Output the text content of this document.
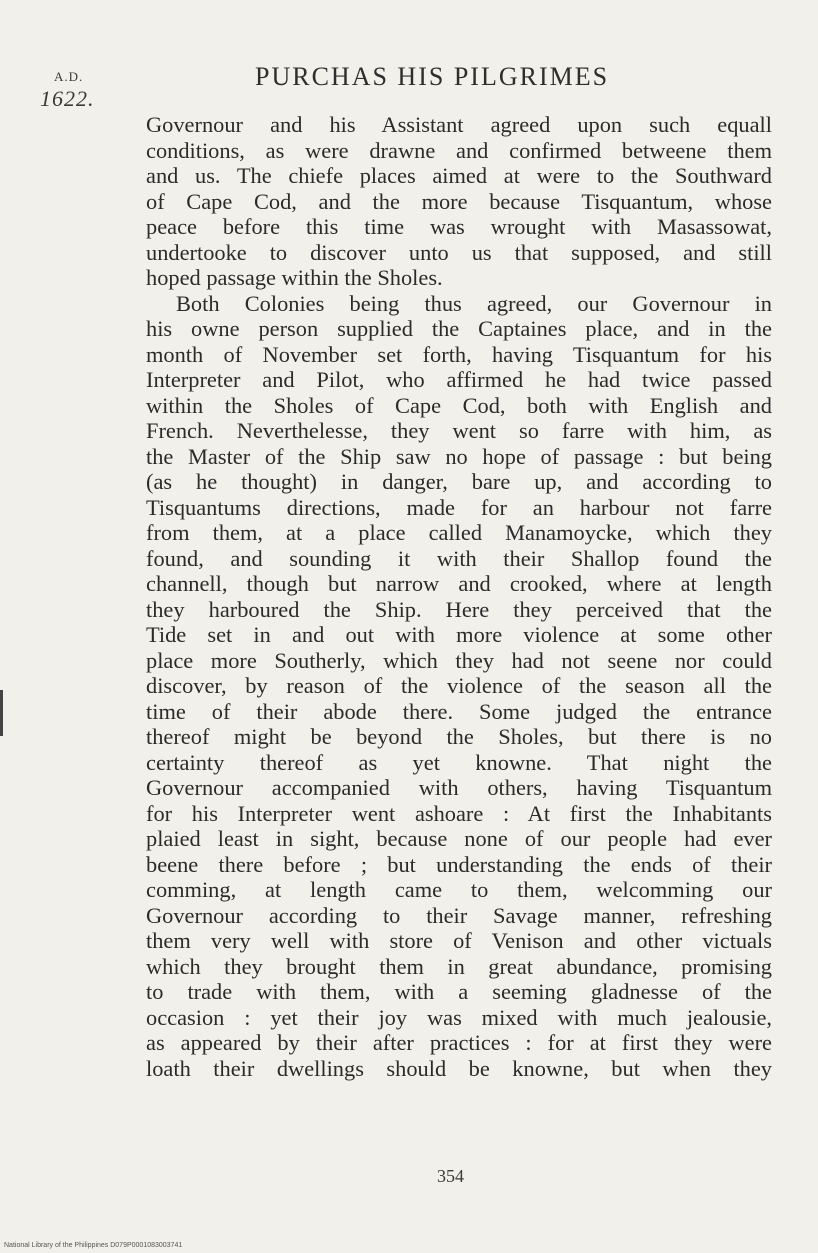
A.D.
1622.
PURCHAS HIS PILGRIMES
Governour and his Assistant agreed upon such equall
conditions, as were drawne and confirmed betweene them
and us. The chiefe places aimed at were to the Southward
of Cape Cod, and the more because Tisquantum, whose
peace before this time was wrought with Masassowat,
undertooke to discover unto us that supposed, and still
hoped passage within the Sholes.
Both Colonies being thus agreed, our Governour in
his owne person supplied the Captaines place, and in the
month of November set forth, having Tisquantum for his
Interpreter and Pilot, who affirmed he had twice passed
within the Sholes of Cape Cod, both with English and
French. Neverthelesse, they went so farre with him, as
the Master of the Ship saw no hope of passage : but being
(as he thought) in danger, bare up, and according to
Tisquantums directions, made for an harbour not farre
from them, at a place called Manamoycke, which they
found, and sounding it with their Shallop found the
channell, though but narrow and crooked, where at length
they harboured the Ship. Here they perceived that the
Tide set in and out with more violence at some other
place more Southerly, which they had not seene nor could
discover, by reason of the violence of the season all the
time of their abode there. Some judged the entrance
thereof might be beyond the Sholes, but there is no
certainty thereof as yet knowne. That night the
Governour accompanied with others, having Tisquantum
for his Interpreter went ashoare : At first the Inhabitants
plaied least in sight, because none of our people had ever
beene there before ; but understanding the ends of their
comming, at length came to them, welcomming our
Governour according to their Savage manner, refreshing
them very well with store of Venison and other victuals
which they brought them in great abundance, promising
to trade with them, with a seeming gladnesse of the
occasion : yet their joy was mixed with much jealousie,
as appeared by their after practices : for at first they were
loath their dwellings should be knowne, but when they
354
National Library of the Philippines D079P0001083003741
